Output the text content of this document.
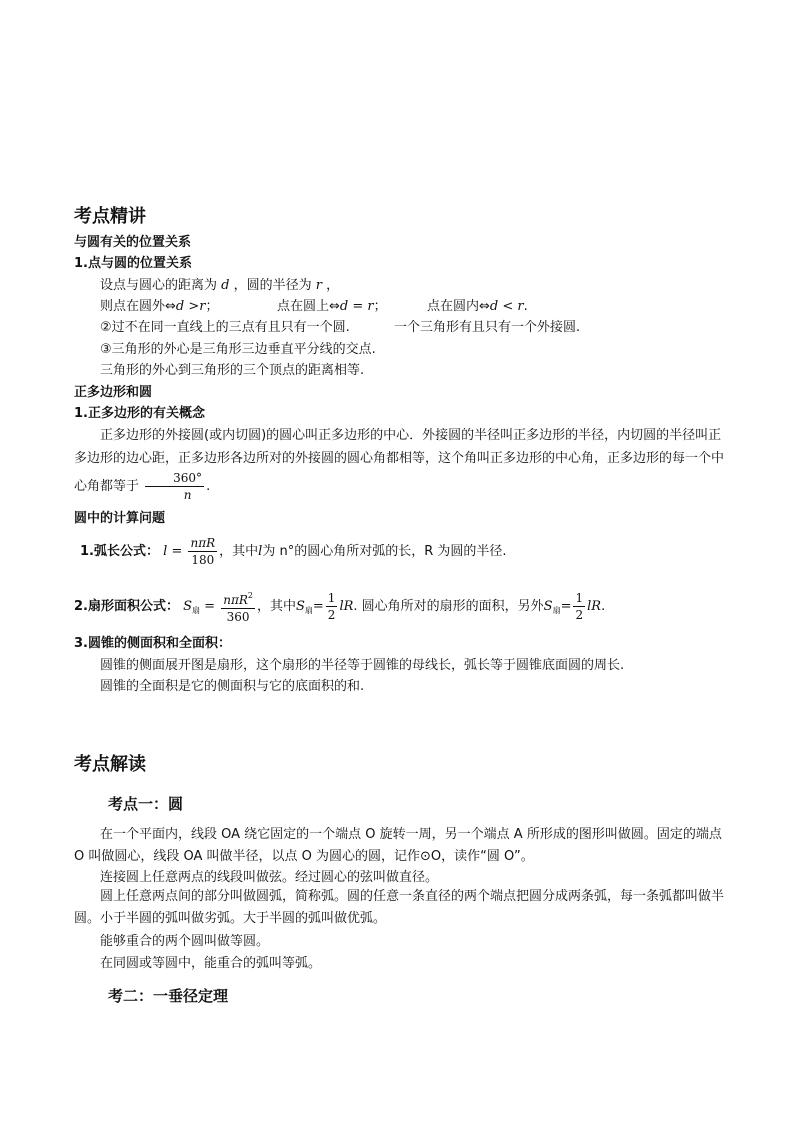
考点精讲
与圆有关的位置关系
1.点与圆的位置关系
设点与圆心的距离为 d ，圆的半径为 r ，
则点在圆外⇔d >r；	点在圆上⇔d = r；	点在圆内⇔d < r.
②过不在同一直线上的三点有且只有一个圆.	一个三角形有且只有一个外接圆.
③三角形的外心是三角形三边垂直平分线的交点.
三角形的外心到三角形的三个顶点的距离相等.
正多边形和圆
1.正多边形的有关概念
正多边形的外接圆(或内切圆)的圆心叫正多边形的中心．外接圆的半径叫正多边形的半径，内切圆的半径叫正多边形的边心距，正多边形各边所对的外接圆的圆心角都相等，这个角叫正多边形的中心角，正多边形的每一个中心角都等于 $\frac{360^\circ}{n}$ .
圆中的计算问题
1.弧长公式： $l = \frac{\text{nπR}}{180}$ ，其中l为 n°的圆心角所对弧的长，R 为圆的半径.
2.扇形面积公式： $S_扇 = \frac{n\pi R^2}{360}$ ，其中$S_扇= \frac{1}{2}$ lR. 圆心角所对的扇形的面积，另外$S_扇= \frac{1}{2}$ lR.
3.圆锥的侧面积和全面积：
圆锥的侧面展开图是扇形，这个扇形的半径等于圆锥的母线长，弧长等于圆锥底面圆的周长.
圆锥的全面积是它的侧面积与它的底面积的和.
考点解读
考点一：圆
在一个平面内，线段 OA 绕它固定的一个端点 O 旋转一周，另一个端点 A 所形成的图形叫做圆。固定的端点 O 叫做圆心，线段 OA 叫做半径，以点 O 为圆心的圆，记作⊙O，读作“圆 O”。
连接圆上任意两点的线段叫做弦。经过圆心的弦叫做直径。
圆上任意两点间的部分叫做圆弧，简称弧。圆的任意一条直径的两个端点把圆分成两条弧，每一条弧都叫做半圆。小于半圆的弧叫做劣弧。大于半圆的弧叫做优弧。
能够重合的两个圆叫做等圆。
在同圆或等圆中，能重合的弧叫等弧。
考二：一垂径定理
